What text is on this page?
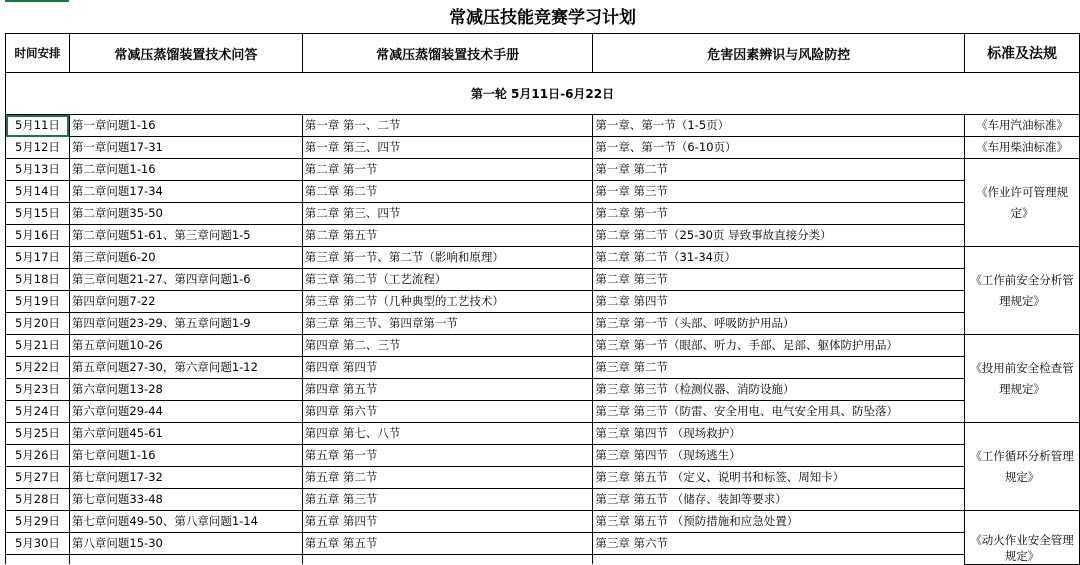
常减压技能竞赛学习计划
时间安排	常减压蒸馏装置技术问答	常减压蒸馏装置技术手册	危害因素辨识与风险防控	标准及法规
第一轮 5月11日-6月22日				
5月11日	第一章问题1-16	第一章 第一、二节	第一章、第一节（1-5页）	《车用汽油标准》
5月12日	第一章问题17-31	第一章 第三、四节	第一章、第一节（6-10页）	《车用柴油标准》
5月13日	第二章问题1-16	第二章 第一节	第一章 第二节	《作业许可管理规定》
5月14日	第二章问题17-34	第二章 第二节	第一章 第三节	
5月15日	第二章问题35-50	第二章 第三、四节	第二章 第一节	
5月16日	第二章问题51-61、第三章问题1-5	第二章 第五节	第二章 第二节（25-30页 导致事故直接分类）	
5月17日	第三章问题6-20	第三章 第一节、第二节（影响和原理）	第二章 第二节（31-34页）	《工作前安全分析管理规定》
5月18日	第三章问题21-27、第四章问题1-6	第三章 第二节（工艺流程）	第二章 第三节	
5月19日	第四章问题7-22	第三章 第二节（几种典型的工艺技术）	第二章 第四节	
5月20日	第四章问题23-29、第五章问题1-9	第三章 第三节、第四章第一节	第三章 第一节（头部、呼吸防护用品）	
5月21日	第五章问题10-26	第四章 第二、三节	第三章 第一节（眼部、听力、手部、足部、躯体防护用品）	《投用前安全检查管理规定》
5月22日	第五章问题27-30，第六章问题1-12	第四章 第四节	第三章 第二节	
5月23日	第六章问题13-28	第四章 第五节	第三章 第三节（检测仪器、消防设施）	
5月24日	第六章问题29-44	第四章 第六节	第三章 第三节（防雷、安全用电、电气安全用具、防坠落）	
5月25日	第六章问题45-61	第四章 第七、八节	第三章 第四节 （现场救护）	《工作循环分析管理规定》
5月26日	第七章问题1-16	第五章 第一节	第三章 第四节 （现场逃生）	
5月27日	第七章问题17-32	第五章 第二节	第三章 第五节 （定义、说明书和标签、周知卡）	
5月28日	第七章问题33-48	第五章 第三节	第三章 第五节 （储存、装卸等要求）	
5月29日	第七章问题49-50、第八章问题1-14	第五章 第四节	第三章 第五节 （预防措施和应急处置）	《动火作业安全管理规定》
5月30日	第八章问题15-30	第五章 第五节	第三章 第六节	
